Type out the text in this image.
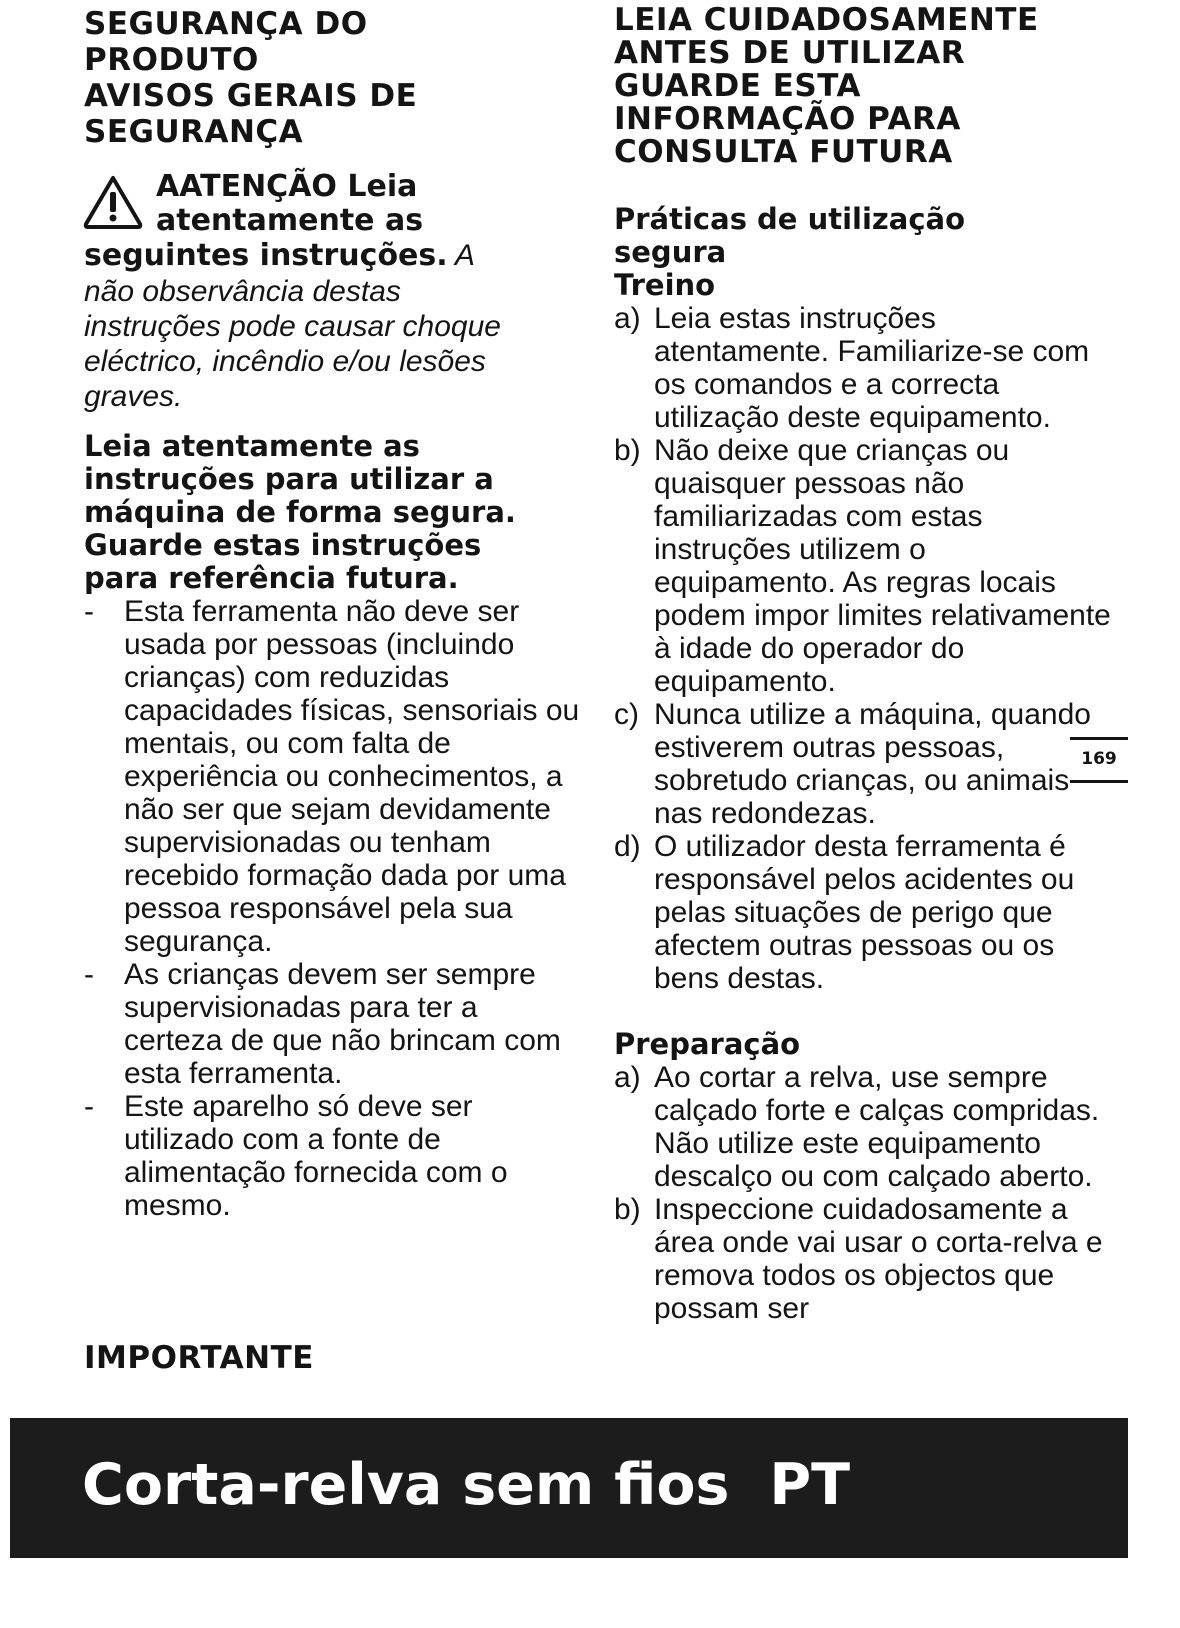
SEGURANÇA DO
PRODUTO
AVISOS GERAIS DE
SEGURANÇA
AATENÇÃO Leia
atentamente as
seguintes instruções. A
não observância destas
instruções pode causar choque
eléctrico, incêndio e/ou lesões
graves.
Leia atentamente as
instruções para utilizar a
máquina de forma segura.
Guarde estas instruções
para referência futura.
- Esta ferramenta não deve ser usada por pessoas (incluindo crianças) com reduzidas capacidades físicas, sensoriais ou mentais, ou com falta de experiência ou conhecimentos, a não ser que sejam devidamente supervisionadas ou tenham recebido formação dada por uma pessoa responsável pela sua segurança.
- As crianças devem ser sempre supervisionadas para ter a certeza de que não brincam com esta ferramenta.
- Este aparelho só deve ser utilizado com a fonte de alimentação fornecida com o mesmo.
IMPORTANTE
LEIA CUIDADOSAMENTE
ANTES DE UTILIZAR
GUARDE ESTA
INFORMAÇÃO PARA
CONSULTA FUTURA
Práticas de utilização
segura
Treino
a) Leia estas instruções atentamente. Familiarize-se com os comandos e a correcta utilização deste equipamento.
b) Não deixe que crianças ou quaisquer pessoas não familiarizadas com estas instruções utilizem o equipamento. As regras locais podem impor limites relativamente à idade do operador do equipamento.
c) Nunca utilize a máquina, quando estiverem outras pessoas, sobretudo crianças, ou animais nas redondezas.
d) O utilizador desta ferramenta é responsável pelos acidentes ou pelas situações de perigo que afectem outras pessoas ou os bens destas.
Preparação
a) Ao cortar a relva, use sempre calçado forte e calças compridas. Não utilize este equipamento descalço ou com calçado aberto.
b) Inspeccione cuidadosamente a área onde vai usar o corta-relva e remova todos os objectos que possam ser
169
Corta-relva sem fios PT
